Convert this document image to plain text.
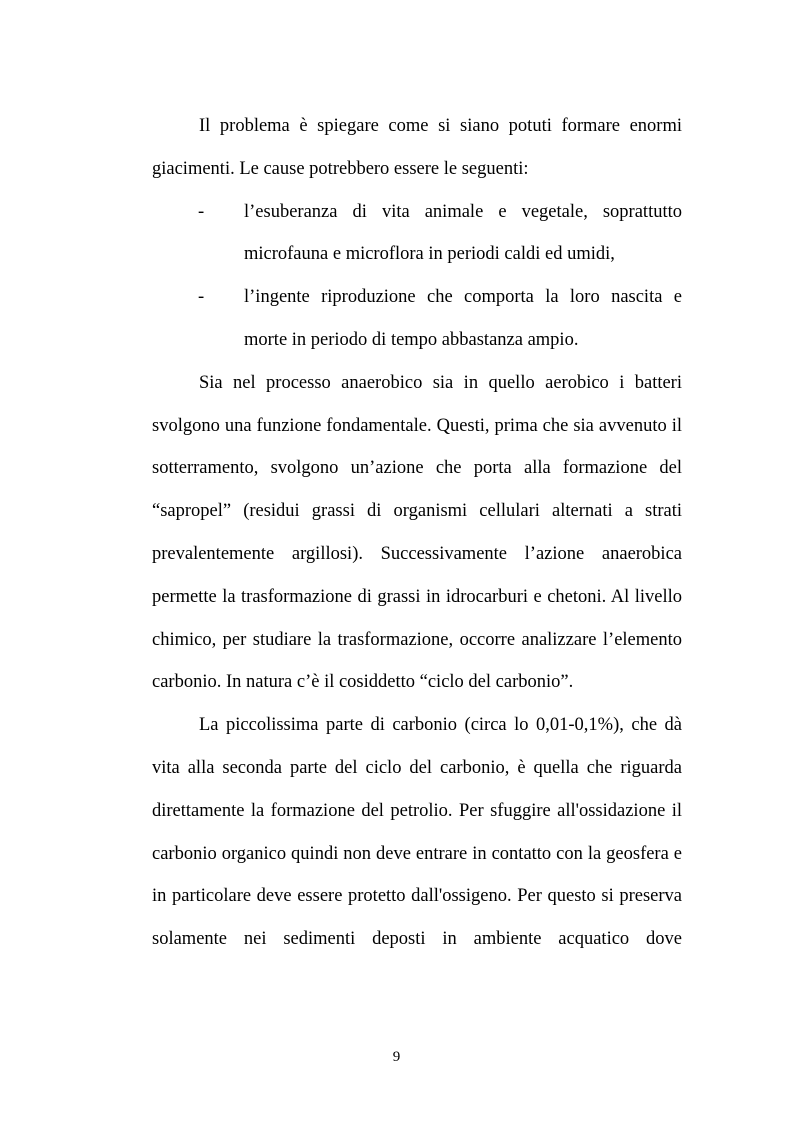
Il problema è spiegare come si siano potuti formare enormi giacimenti. Le cause potrebbero essere le seguenti:

- l’esuberanza di vita animale e vegetale, soprattutto microfauna e microflora in periodi caldi ed umidi,
- l’ingente riproduzione che comporta la loro nascita e morte in periodo di tempo abbastanza ampio.

Sia nel processo anaerobico sia in quello aerobico i batteri svolgono una funzione fondamentale. Questi, prima che sia avvenuto il sotterramento, svolgono un’azione che porta alla formazione del “sapropel” (residui grassi di organismi cellulari alternati a strati prevalentemente argillosi). Successivamente l’azione anaerobica permette la trasformazione di grassi in idrocarburi e chetoni. Al livello chimico, per studiare la trasformazione, occorre analizzare l’elemento carbonio. In natura c’è il cosiddetto “ciclo del carbonio”.

La piccolissima parte di carbonio (circa lo 0,01-0,1%), che dà vita alla seconda parte del ciclo del carbonio, è quella che riguarda direttamente la formazione del petrolio. Per sfuggire all'ossidazione il carbonio organico quindi non deve entrare in contatto con la geosfera e in particolare deve essere protetto dall'ossigeno. Per questo si preserva solamente nei sedimenti deposti in ambiente acquatico dove

9
